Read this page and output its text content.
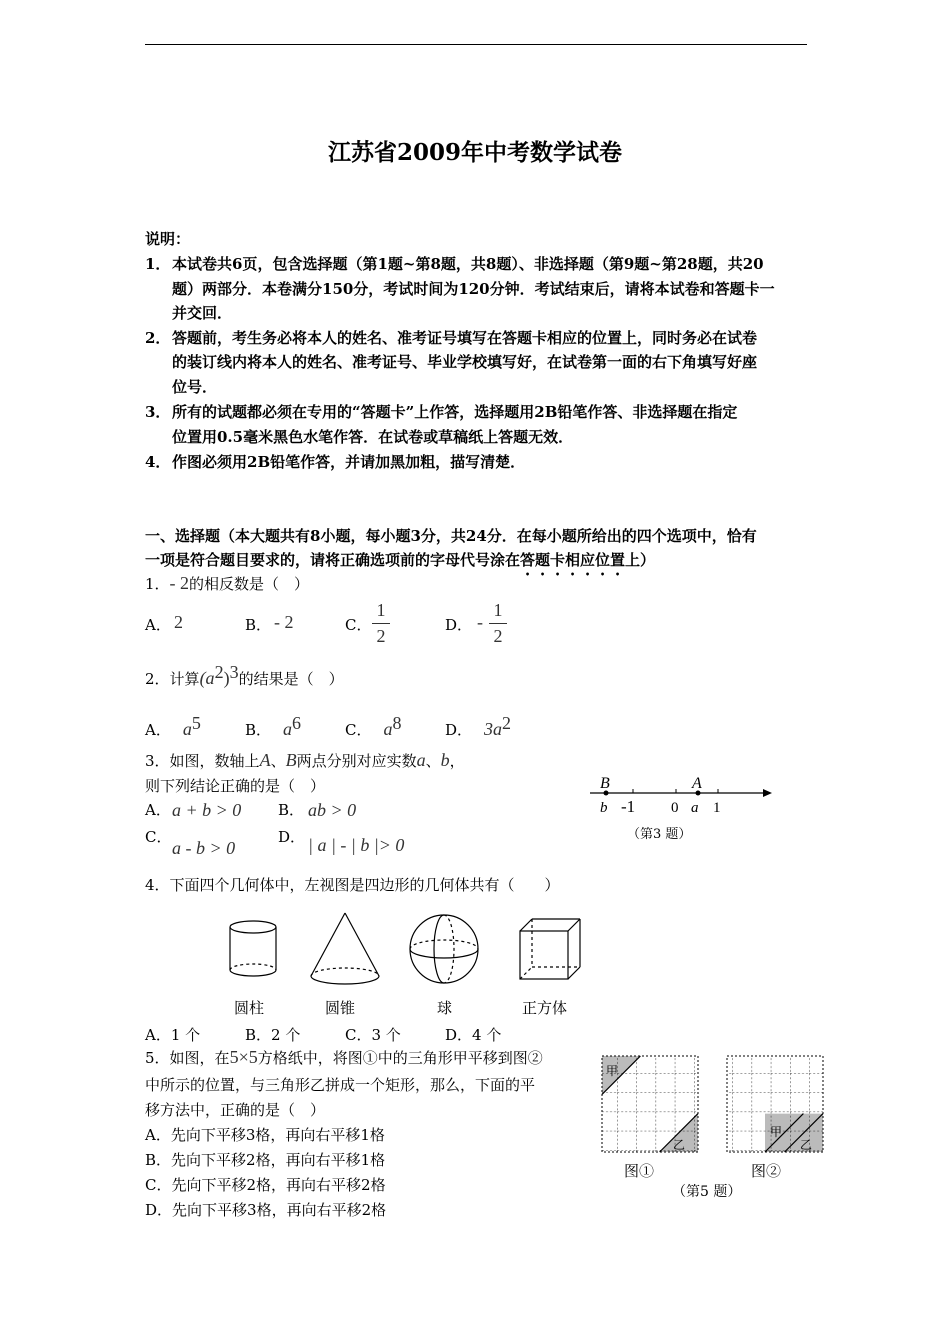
江苏省2009年中考数学试卷
说明：
1． 本试卷共6页，包含选择题（第1题~第8题，共8题）、非选择题（第9题~第28题，共20
题）两部分．本卷满分150分，考试时间为120分钟．考试结束后，请将本试卷和答题卡一
并交回．
2． 答题前，考生务必将本人的姓名、准考证号填写在答题卡相应的位置上，同时务必在试卷
的装订线内将本人的姓名、准考证号、毕业学校填写好，在试卷第一面的右下角填写好座
位号．
3． 所有的试题都必须在专用的“答题卡”上作答，选择题用2B铅笔作答、非选择题在指定
位置用0.5毫米黑色水笔作答．在试卷或草稿纸上答题无效．
4． 作图必须用2B铅笔作答，并请加黑加粗，描写清楚．
一、选择题（本大题共有8小题，每小题3分，共24分．在每小题所给出的四个选项中，恰有
一项是符合题目要求的，请将正确选项前的字母代号涂在答题卡相应位置上）
1．- 2的相反数是（　）
A． 2	B． - 2	C．
1
2
D． -
1
2
2．计算$(a^2)^3$的结果是（　）
A． $a^5$	B． $a^6$	C． $a^8$	D． $3a^2$
3．如图，数轴上A、B两点分别对应实数a、b，
则下列结论正确的是（　）
A． a + b > 0 B． ab > 0
C．
a - b > 0
D． | a | - | b |> 0
B	A
b -1 0 a 1
（第3 题）
4．下面四个几何体中，左视图是四边形的几何体共有（　　）
圆柱	圆锥	球	正方体
A．1 个	B．2 个	C．3 个	D．4 个
5．如图，在5×5方格纸中，将图①中的三角形甲平移到图②
中所示的位置，与三角形乙拼成一个矩形，那么，下面的平
移方法中，正确的是（　）
A．先向下平移3格，再向右平移1格
B．先向下平移2格，再向右平移1格
C．先向下平移2格，再向右平移2格
D．先向下平移3格，再向右平移2格
甲
乙
甲
乙
图①	图②
（第5 题）
